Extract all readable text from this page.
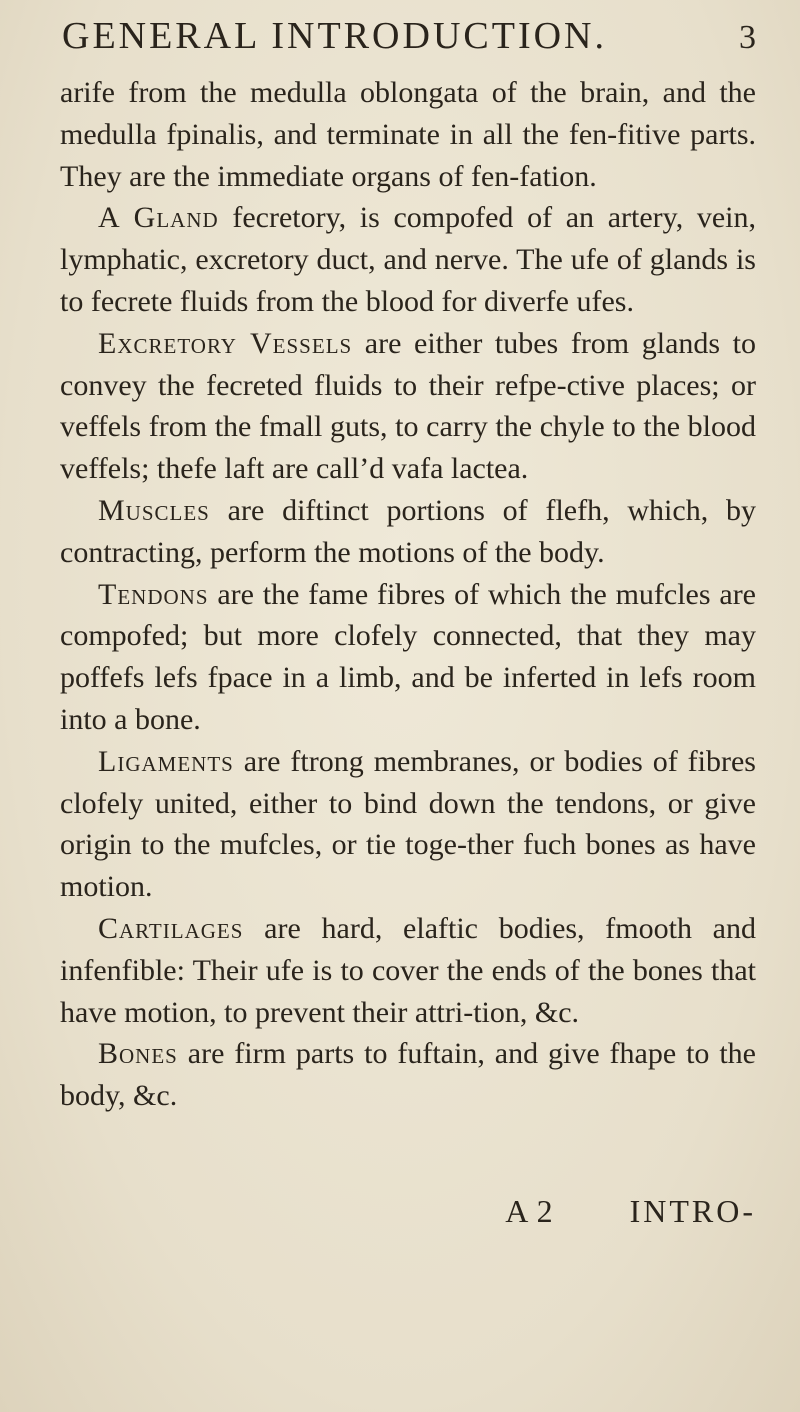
GENERAL INTRODUCTION.	3

arife from the medulla oblongata of the brain, and the medulla fpinalis, and terminate in all the fen-fitive parts. They are the immediate organs of fen-fation.

A Gland fecretory, is compofed of an artery, vein, lymphatic, excretory duct, and nerve. The ufe of glands is to fecrete fluids from the blood for diverfe ufes.

Excretory Vessels are either tubes from glands to convey the fecreted fluids to their refpe-ctive places; or veffels from the fmall guts, to carry the chyle to the blood veffels; thefe laft are call’d vafa lactea.

Muscles are diftinct portions of flefh, which, by contracting, perform the motions of the body.

Tendons are the fame fibres of which the mufcles are compofed; but more clofely connected, that they may poffefs lefs fpace in a limb, and be inferted in lefs room into a bone.

Ligaments are ftrong membranes, or bodies of fibres clofely united, either to bind down the tendons, or give origin to the mufcles, or tie toge-ther fuch bones as have motion.

Cartilages are hard, elaftic bodies, fmooth and infenfible: Their ufe is to cover the ends of the bones that have motion, to prevent their attri-tion, &c.

Bones are firm parts to fuftain, and give fhape to the body, &c.

A 2 INTRO-
